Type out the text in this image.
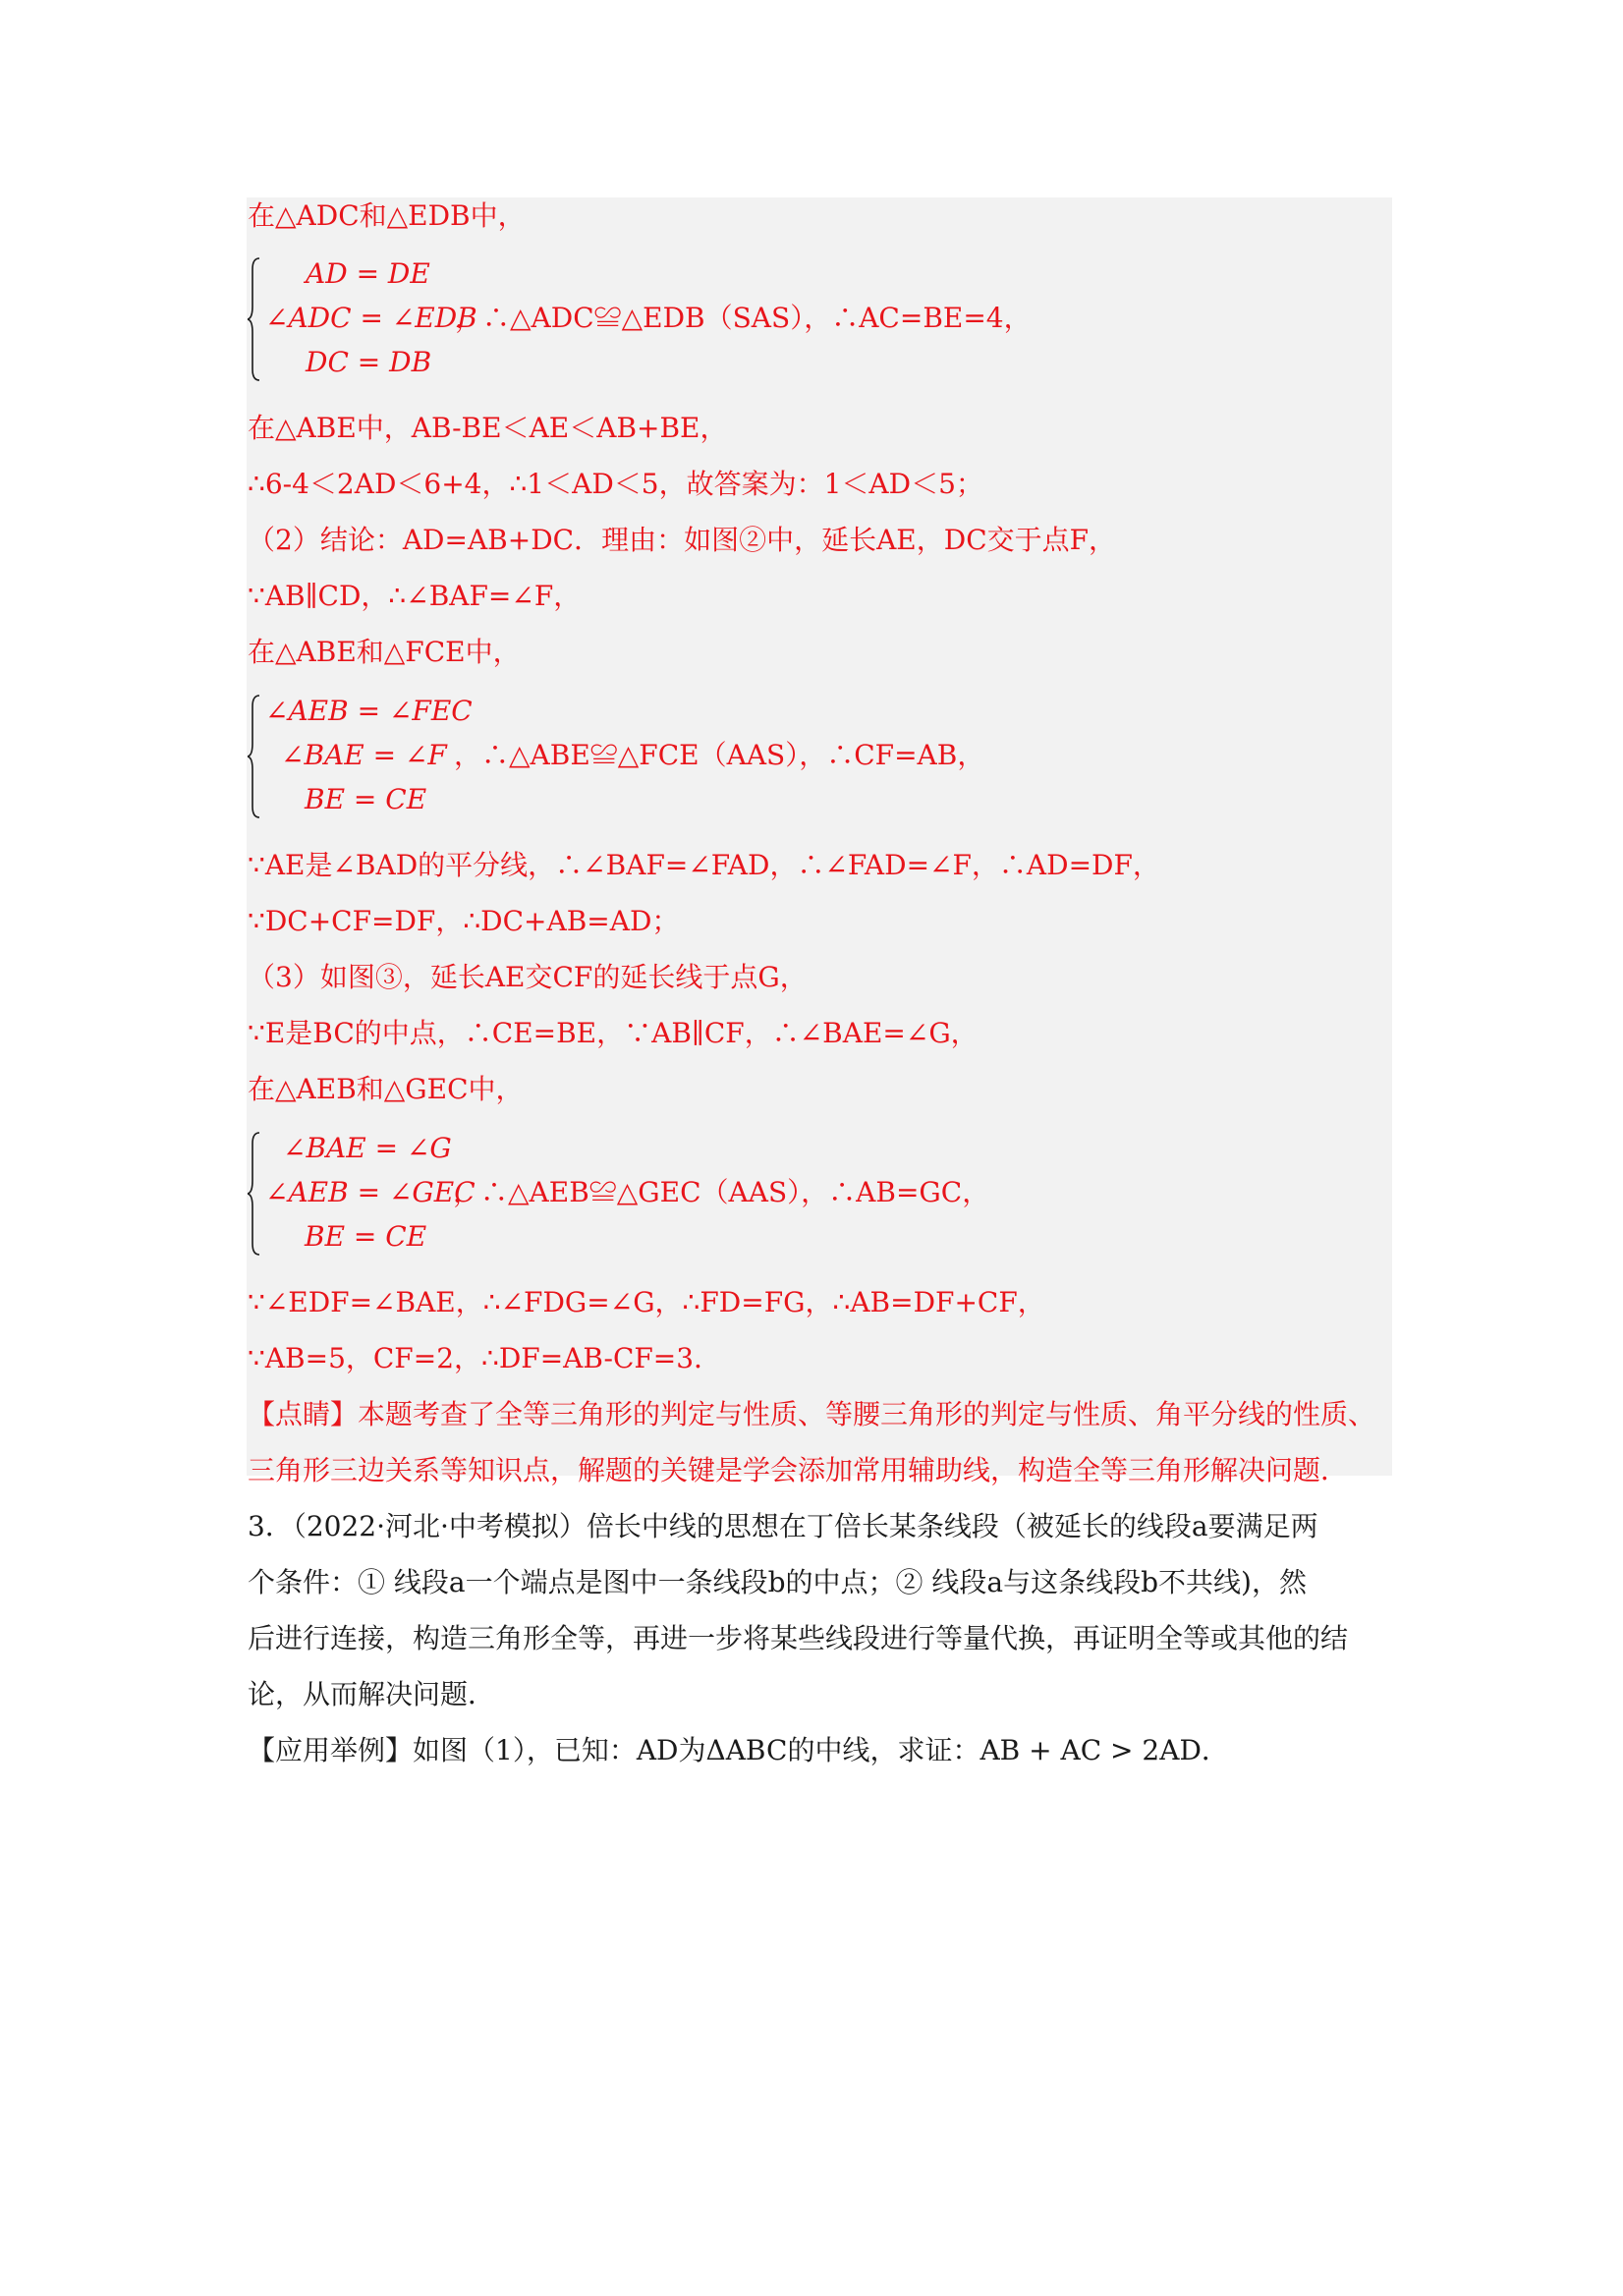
在△ADC和△EDB中，
AD = DE
∠ADC = ∠EDB
DC = DB
，∴△ADC≌△EDB（SAS），∴AC=BE=4，
在△ABE中，AB-BE＜AE＜AB+BE，
∴6-4＜2AD＜6+4，∴1＜AD＜5，故答案为：1＜AD＜5；
（2）结论：AD=AB+DC．理由：如图②中，延长AE，DC交于点F，
∵AB∥CD，∴∠BAF=∠F，
在△ABE和△FCE中，
∠AEB = ∠FEC
∠BAE = ∠F
BE = CE
，∴△ABE≌△FCE（AAS），∴CF=AB，
∵AE是∠BAD的平分线，∴∠BAF=∠FAD，∴∠FAD=∠F，∴AD=DF，
∵DC+CF=DF，∴DC+AB=AD；
（3）如图③，延长AE交CF的延长线于点G，
∵E是BC的中点，∴CE=BE，∵AB∥CF，∴∠BAE=∠G，
在△AEB和△GEC中，
∠BAE = ∠G
∠AEB = ∠GEC
BE = CE
，∴△AEB≌△GEC（AAS），∴AB=GC，
∵∠EDF=∠BAE，∴∠FDG=∠G，∴FD=FG，∴AB=DF+CF，
∵AB=5，CF=2，∴DF=AB-CF=3．
【点睛】本题考查了全等三角形的判定与性质、等腰三角形的判定与性质、角平分线的性质、
三角形三边关系等知识点，解题的关键是学会添加常用辅助线，构造全等三角形解决问题．
3．（2022·河北·中考模拟）倍长中线的思想在丁倍长某条线段（被延长的线段a要满足两
个条件：① 线段a一个端点是图中一条线段b的中点；② 线段a与这条线段b不共线)，然
后进行连接，构造三角形全等，再进一步将某些线段进行等量代换，再证明全等或其他的结
论，从而解决问题．
【应用举例】如图（1），已知：AD为ΔABC的中线，求证：AB + AC > 2AD．
